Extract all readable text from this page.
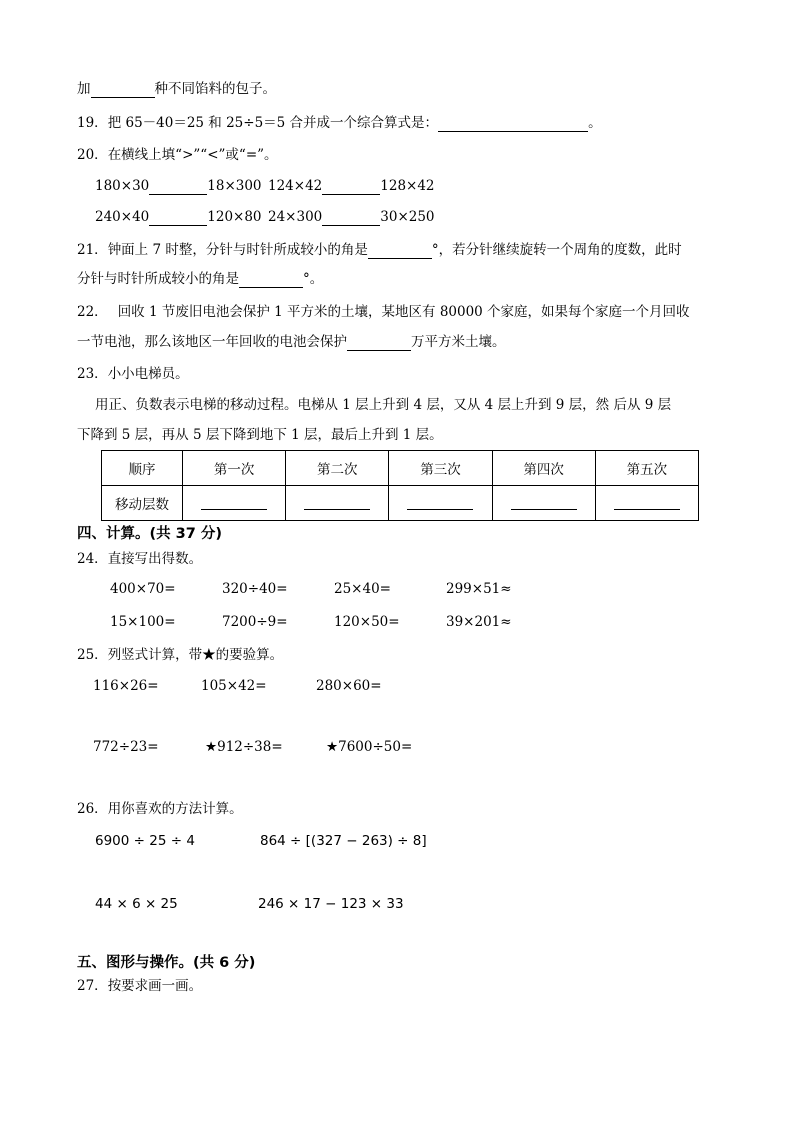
加	种不同馅料的包子。
19．把 65－40＝25 和 25÷5＝5 合并成一个综合算式是：	。
20．在横线上填“>”“<”或“=”。
180×30	18×300 124×42	128×42
240×40	120×80 24×300	30×250
21．钟面上 7 时整，分针与时针所成较小的角是	°，若分针继续旋转一个周角的度数，此时
分针与时针所成较小的角是	°。
22． 回收 1 节废旧电池会保护 1 平方米的土壤，某地区有 80000 个家庭，如果每个家庭一个月回收
一节电池，那么该地区一年回收的电池会保护	万平方米土壤。
23．小小电梯员。
用正、负数表示电梯的移动过程。电梯从 1 层上升到 4 层，又从 4 层上升到 9 层，然 后从 9 层
下降到 5 层，再从 5 层下降到地下 1 层，最后上升到 1 层。
顺序	第一次	第二次	第三次	第四次	第五次
移动层数					
四、计算。(共 37 分)
24．直接写出得数。
400×70=	320÷40=	25×40=	299×51≈
15×100=	7200÷9=	120×50=	39×201≈
25．列竖式计算，带★的要验算。
116×26=	105×42=	280×60=
772÷23=	★912÷38=	★7600÷50=
26．用你喜欢的方法计算。
6900 ÷ 25 ÷ 4	864 ÷ [(327 − 263) ÷ 8]
44 × 6 × 25	246 × 17 − 123 × 33
五、图形与操作。(共 6 分)
27．按要求画一画。
